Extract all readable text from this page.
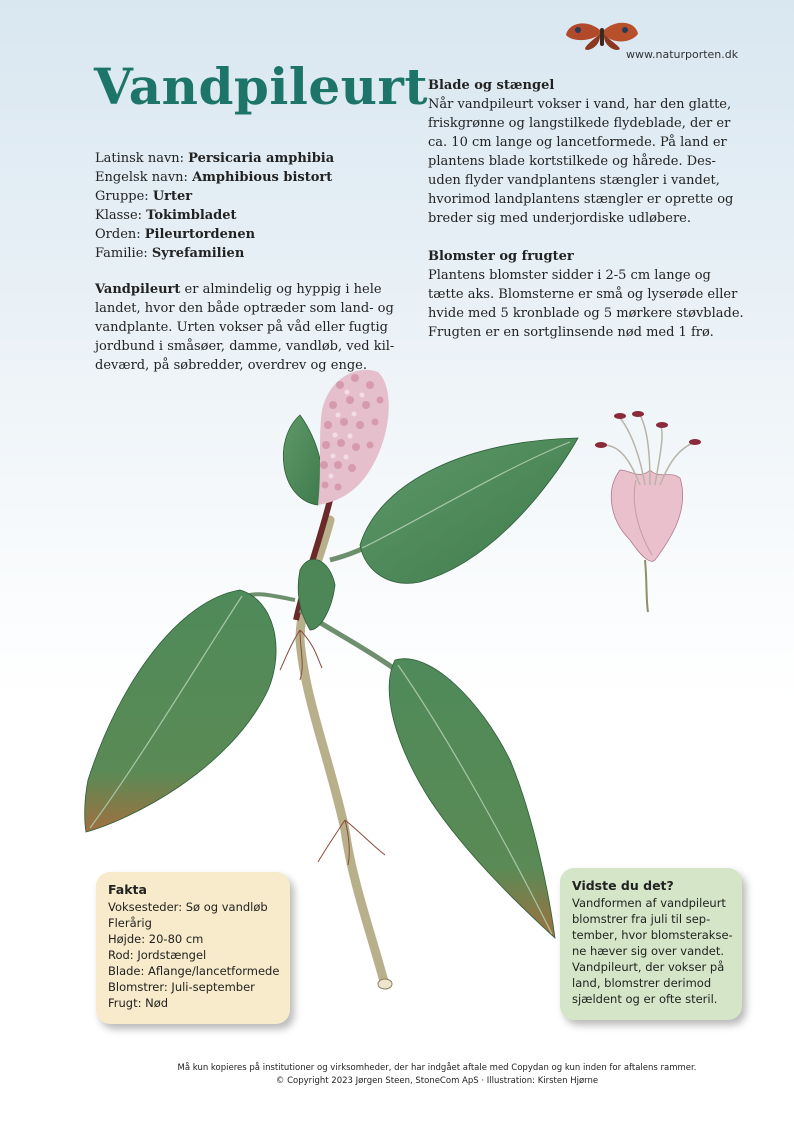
www.naturporten.dk
Vandpileurt
Latinsk navn: Persicaria amphibia
Engelsk navn: Amphibious bistort
Gruppe: Urter
Klasse: Tokimbladet
Orden: Pileurtordenen
Familie: Syrefamilien
Vandpileurt er almindelig og hyppig i hele landet, hvor den både optræder som land- og vandplante. Urten vokser på våd eller fugtig jordbund i småsøer, damme, vandløb, ved kil-deværd, på søbredder, overdrev og enge.
Blade og stængel

Når vandpileurt vokser i vand, har den glatte, friskgrønne og langstilkede flydeblade, der er ca. 10 cm lange og lancetformede. På land er plantens blade kortstilkede og hårede. Des-uden flyder vandplantens stængler i vandet, hvorimod landplantens stængler er oprette og breder sig med underjordiske udløbere.

Blomster og frugter

Plantens blomster sidder i 2-5 cm lange og tætte aks. Blomsterne er små og lyserøde eller hvide med 5 kronblade og 5 mørkere støvblade. Frugten er en sortglinsende nød med 1 frø.

Fakta
Voksesteder: Sø og vandløb
Flerårig
Højde: 20-80 cm
Rod: Jordstængel
Blade: Aflange/lancetformede
Blomstrer: Juli-september
Frugt: Nød
Vidste du det?
Vandformen af vandpileurt
blomstrer fra juli til sep-
tember, hvor blomsterakse-
ne hæver sig over vandet.
Vandpileurt, der vokser på
land, blomstrer derimod
sjældent og er ofte steril.
Må kun kopieres på institutioner og virksomheder, der har indgået aftale med Copydan og kun inden for aftalens rammer.
© Copyright 2023 Jørgen Steen, StoneCom ApS · Illustration: Kirsten Hjørne
